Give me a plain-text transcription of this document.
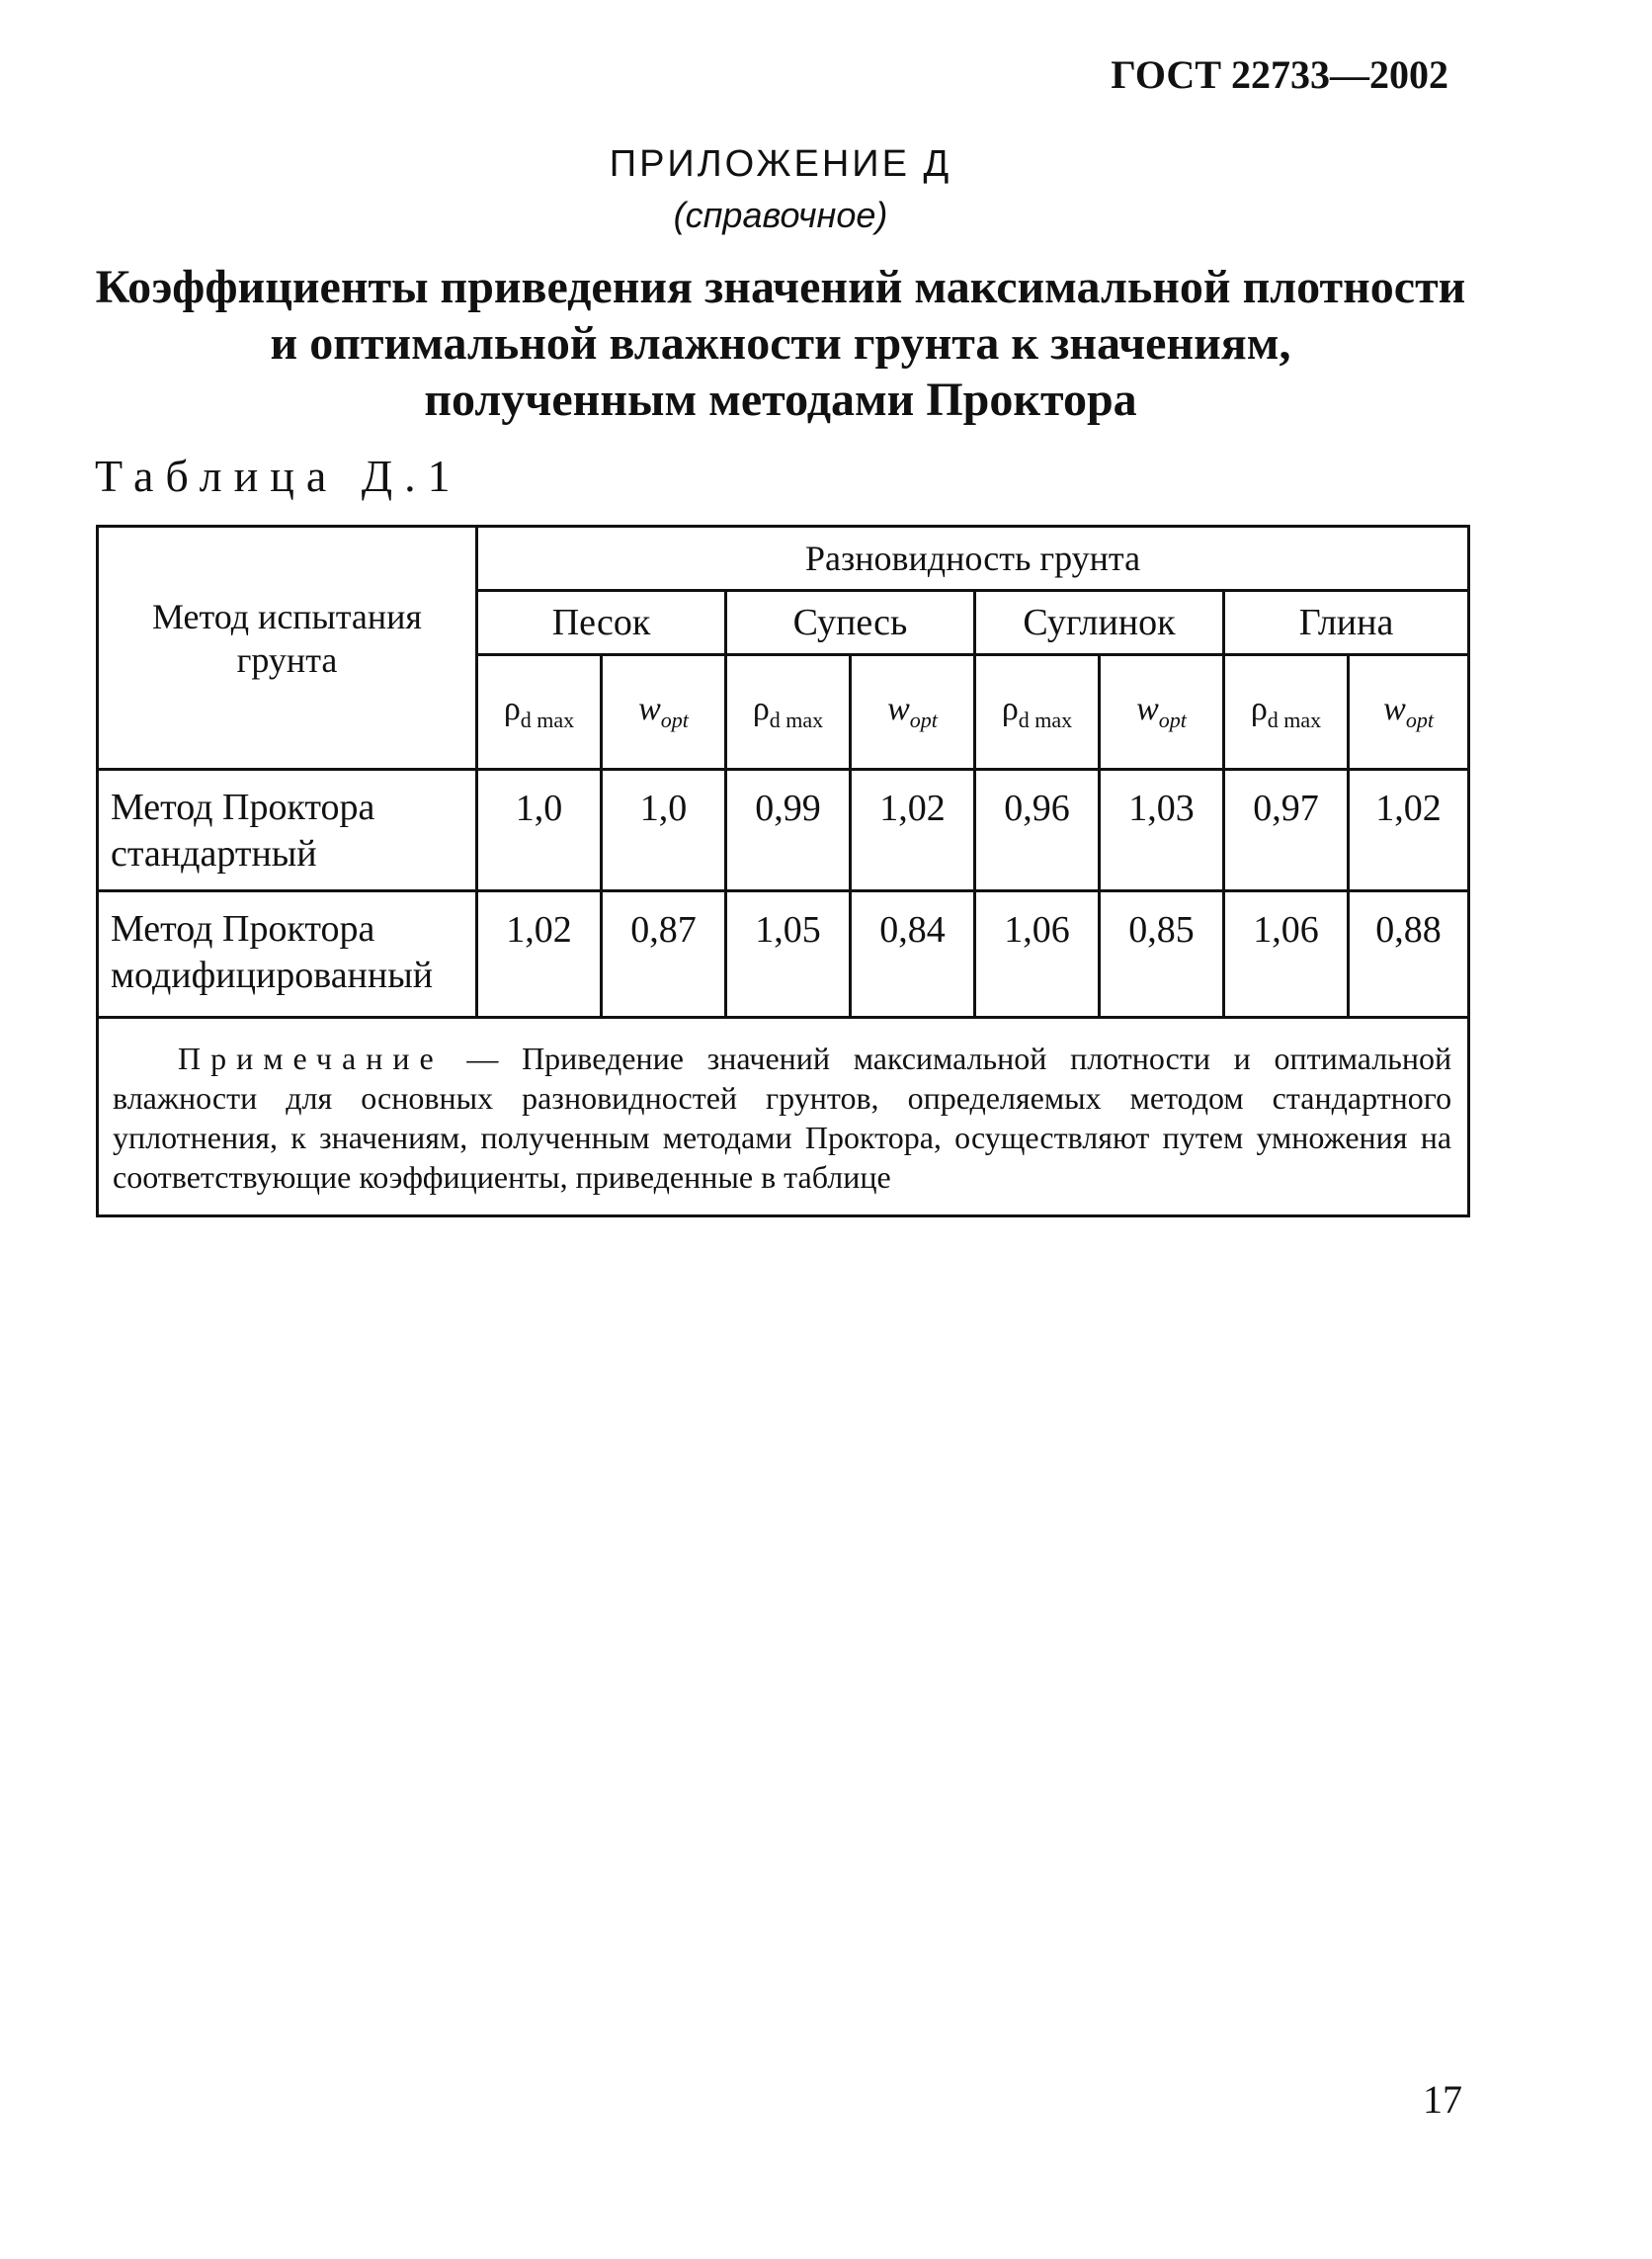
ГОСТ 22733—2002
ПРИЛОЖЕНИЕ Д
(справочное)
Коэффициенты приведения значений максимальной плотности
и оптимальной влажности грунта к значениям,
полученным методами Проктора
Таблица Д.1
Метод испытания грунта	Разновидность грунта							
	Песок		Супесь		Суглинок		Глина	
	$\rho_{d max}$	$w_{opt}$	$\rho_{d max}$	$w_{opt}$	$\rho_{d max}$	$w_{opt}$	$\rho_{d max}$	$w_{opt}$
Метод Проктора стандартный	1,0	1,0	0,99	1,02	0,96	1,03	0,97	1,02
Метод Проктора модифицированный	1,02	0,87	1,05	0,84	1,06	0,85	1,06	0,88
Примечание — Приведение значений максимальной плотности и оптимальной влажности для основных разновидностей грунтов, определяемых методом стандартного уплотнения, к значениям, полученным методами Проктора, осуществляют путем умножения на соответствующие коэффициенты, приведенные в таблице								
17
